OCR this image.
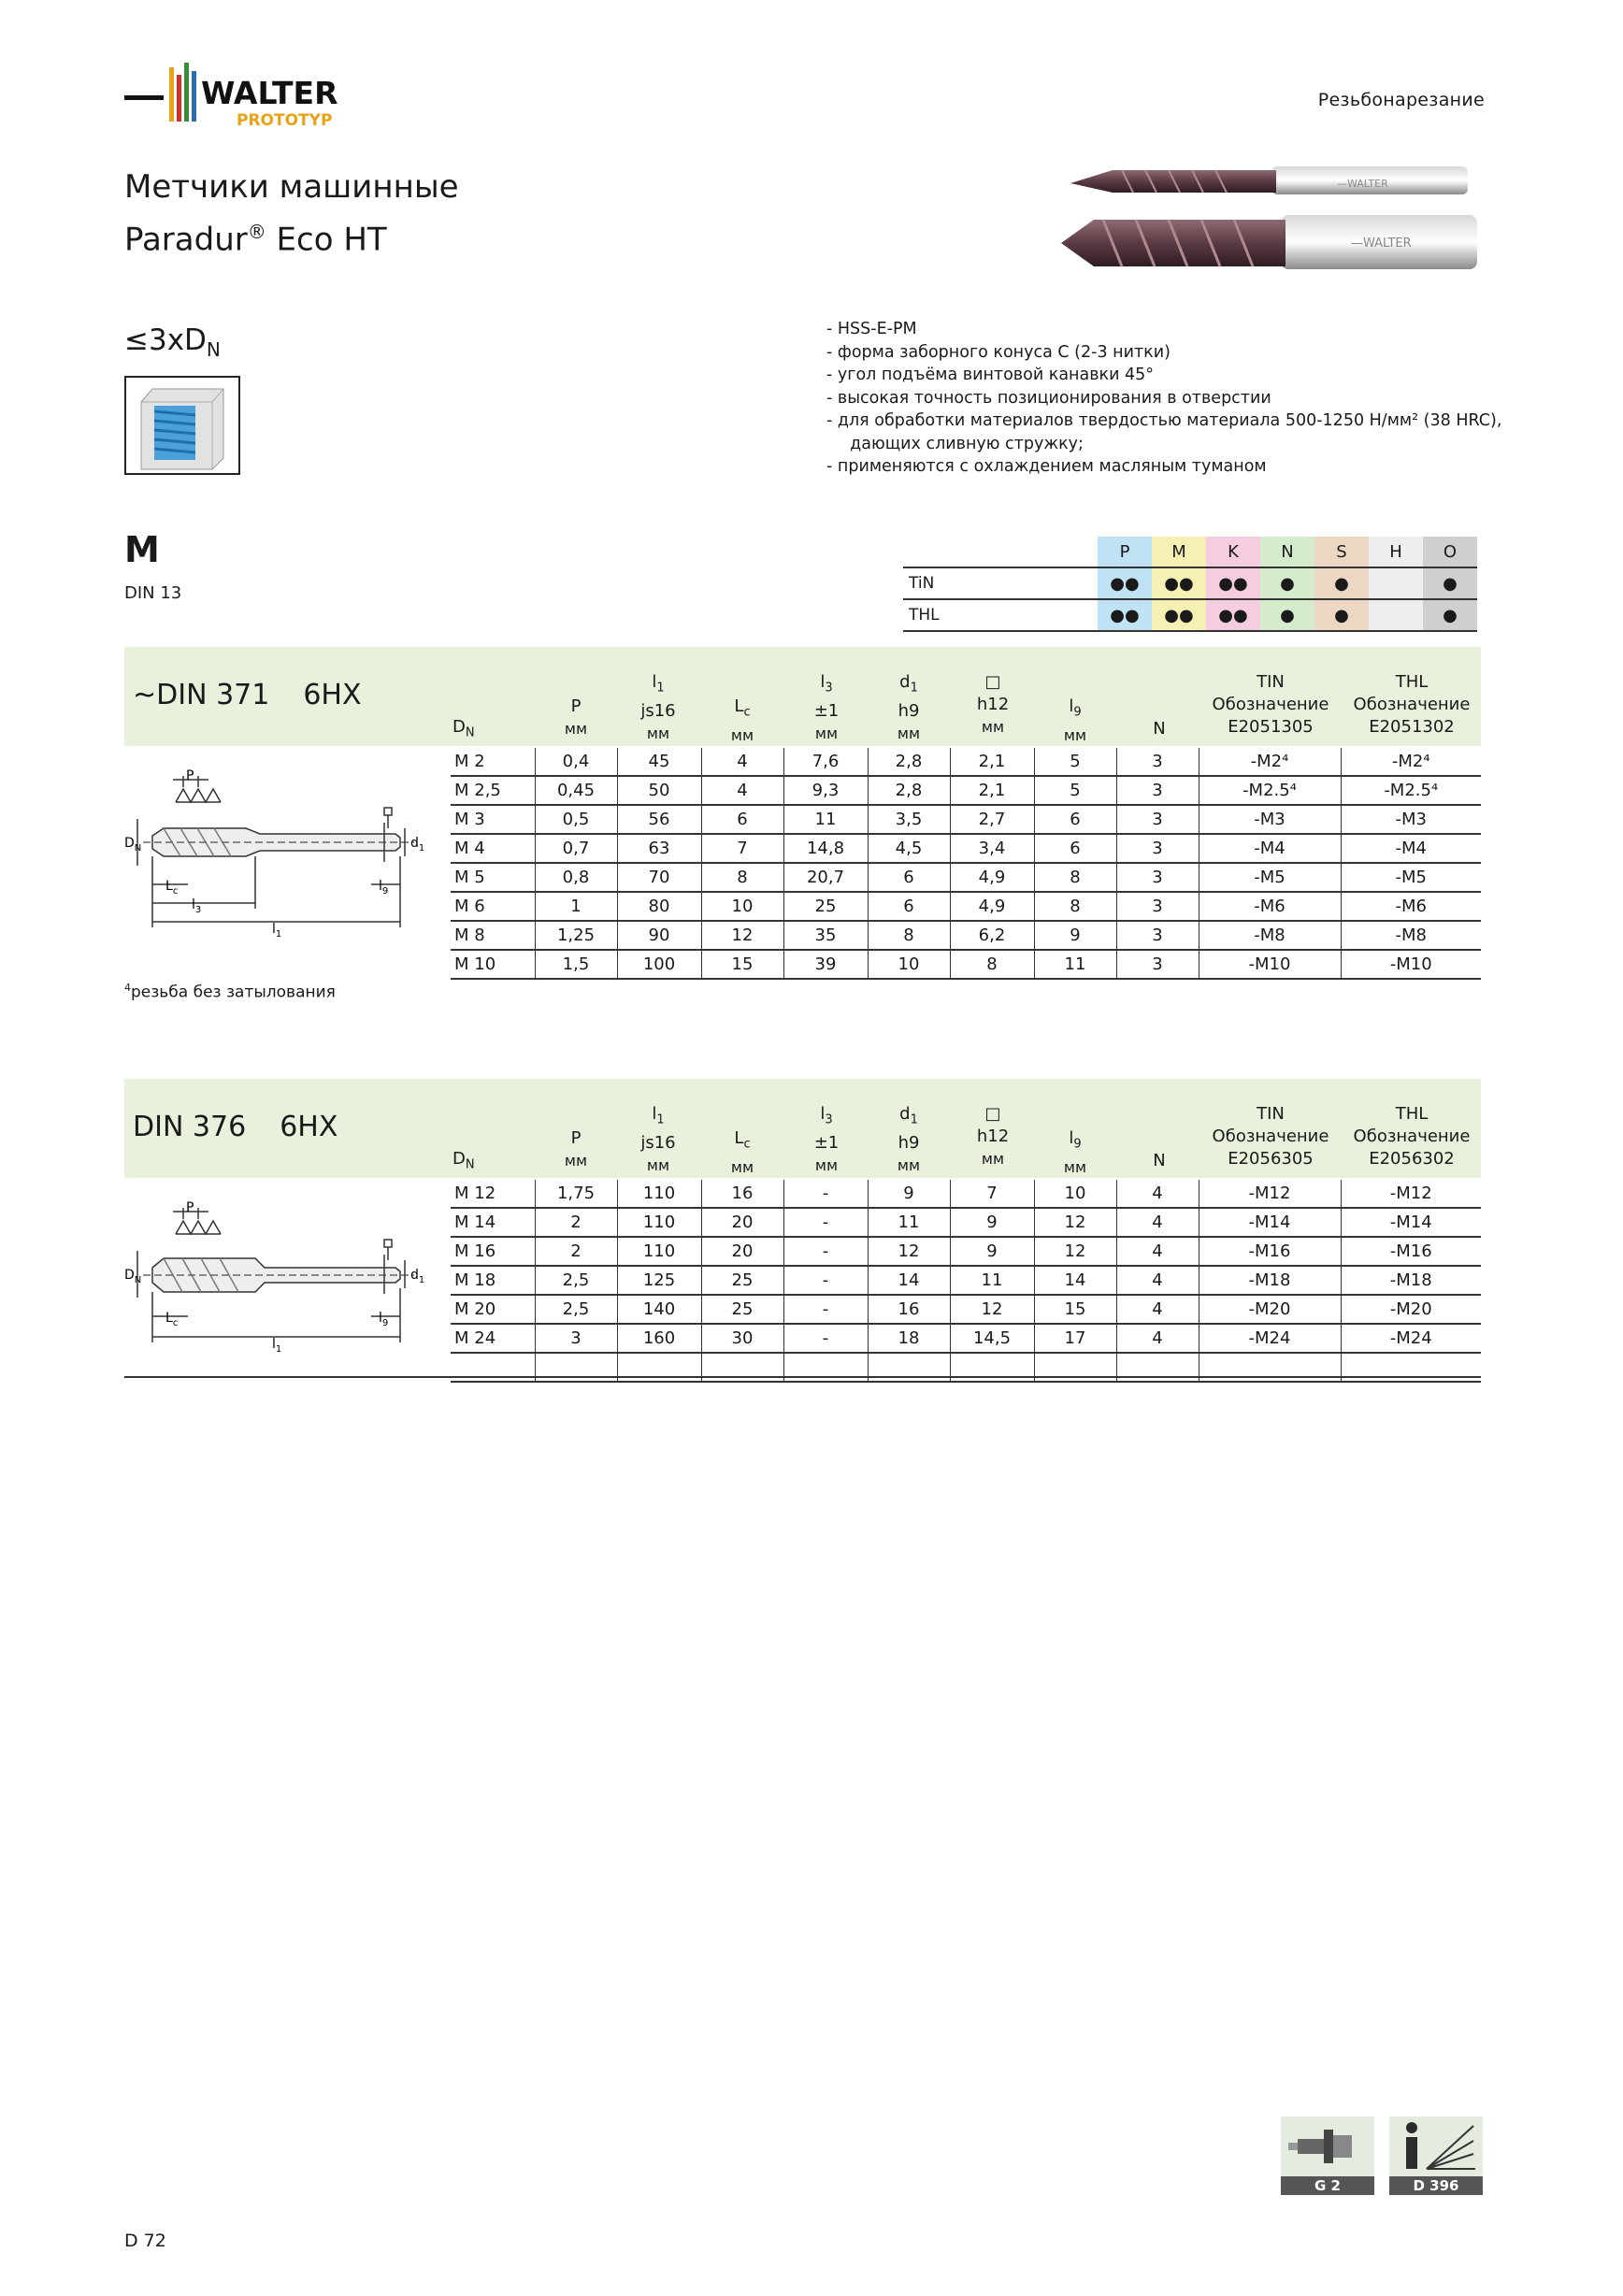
WALTER
PROTOTYP
Резьбонарезание
Метчики машинные
Paradur® Eco HT
—WALTER
—WALTER
$\le 3xD_N$
- HSS-E-PM
- форма заборного конуса С (2-3 нитки)
- угол подъёма винтовой канавки 45°
- высокая точность позиционирования в отверстии
- для обработки материалов твердостью материала 500-1250 Н/мм² (38 HRC),
дающих сливную стружку;
- применяются с охлаждением масляным туманом
M
DIN 13
	P	M	K	N	S	H	O
TiN	●●	●●	●●	●	●		●
THL	●●	●●	●●	●	●		●
~DIN 371 6HX
$D_N$
P
мм
$l_1$
js16
мм
$L_c$
мм
$l_3$
±1
мм
$d_1$
h9
мм
□
h12
мм
$l_9$
мм	N
TIN
Обозначение
E2051305
THL
Обозначение
E2051302
M 2	0,4	45	4	7,6	2,8	2,1	5	3	-M2⁴	-M2⁴
M 2,5	0,45	50	4	9,3	2,8	2,1	5	3	-M2.5⁴	-M2.5⁴
M 3	0,5	56	6	11	3,5	2,7	6	3	-M3	-M3
M 4	0,7	63	7	14,8	4,5	3,4	6	3	-M4	-M4
M 5	0,8	70	8	20,7	6	4,9	8	3	-M5	-M5
M 6	1	80	10	25	6	4,9	8	3	-M6	-M6
M 8	1,25	90	12	35	8	6,2	9	3	-M8	-M8
M 10	1,5	100	15	39	10	8	11	3	-M10	-M10
P
$D_N$	$d_1$
$L_c$
$l_3$
$l_9$
$l_1$
$^4$резьба без затылования
DIN 376 6HX
$D_N$
P
мм
$l_1$
js16
мм
$L_c$
мм
$l_3$
±1
мм
$d_1$
h9
мм
□
h12
мм
$l_9$
мм	N
TIN
Обозначение
E2056305
THL
Обозначение
E2056302
M 12	1,75	110	16	-	9	7	10	4	-M12	-M12
M 14	2	110	20	-	11	9	12	4	-M14	-M14
M 16	2	110	20	-	12	9	12	4	-M16	-M16
M 18	2,5	125	25	-	14	11	14	4	-M18	-M18
M 20	2,5	140	25	-	16	12	15	4	-M20	-M20
M 24	3	160	30	-	18	14,5	17	4	-M24	-M24

P
$D_N$	$d_1$
$L_c$	$l_9$
$l_1$
G 2	D 396
D 72
